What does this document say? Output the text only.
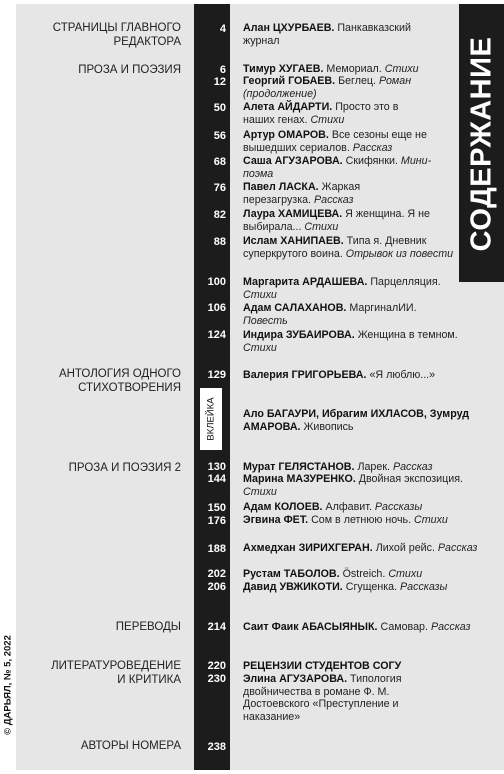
© ДАРЬЯЛ, № 5, 2022
СОДЕРЖАНИЕ
ВКЛЕЙКА
СТРАНИЦЫ ГЛАВНОГО
РЕДАКТОРА
ПРОЗА И ПОЭЗИЯ
АНТОЛОГИЯ ОДНОГО
СТИХОТВОРЕНИЯ
ПРОЗА И ПОЭЗИЯ 2
ПЕРЕВОДЫ
ЛИТЕРАТУРОВЕДЕНИЕ
И КРИТИКА
АВТОРЫ НОМЕРА
4
6
12
50
56
68
76
82
88
100
106
124
129
130
144
150
176
188
202
206
214
220
230
238
Алан ЦХУРБАЕВ. Панкавказский журнал
Тимур ХУГАЕВ. Мемориал. Стихи
Георгий ГОБАЕВ. Беглец. Роман (продолжение)
Алета АЙДАРТИ. Просто это в наших генах. Стихи
Артур ОМАРОВ. Все сезоны еще не вышедших сериалов. Рассказ
Саша АГУЗАРОВА. Скифянки. Мини-поэма
Павел ЛАСКА. Жаркая перезагрузка. Рассказ
Лаура ХАМИЦЕВА. Я женщина. Я не выбирала... Стихи
Ислам ХАНИПАЕВ. Типа я. Дневник суперкрутого воина. Отрывок из повести
Маргарита АРДАШЕВА. Парцелляция. Стихи
Адам САЛАХАНОВ. МаргиналИИ. Повесть
Индира ЗУБАИРОВА. Женщина в темном. Стихи
Валерия ГРИГОРЬЕВА. «Я люблю...»
Ало БАГАУРИ, Ибрагим ИХЛАСОВ, Зумруд АМАРОВА. Живопись
Мурат ГЕЛЯСТАНОВ. Ларек. Рассказ
Марина МАЗУРЕНКО. Двойная экспозиция. Стихи
Адам КОЛОЕВ. Алфавит. Рассказы
Эгвина ФЕТ. Сом в летнюю ночь. Стихи
Ахмедхан ЗИРИХГЕРАН. Лихой рейс. Рассказ
Рустам ТАБОЛОВ. Östreich. Стихи
Давид УВЖИКОТИ. Сгущенка. Рассказы
Саит Фаик АБАСЫЯНЫК. Самовар. Рассказ
РЕЦЕНЗИИ СТУДЕНТОВ СОГУ
Элина АГУЗАРОВА. Типология двойничества в романе Ф. М. Достоевского «Преступление и наказание»
